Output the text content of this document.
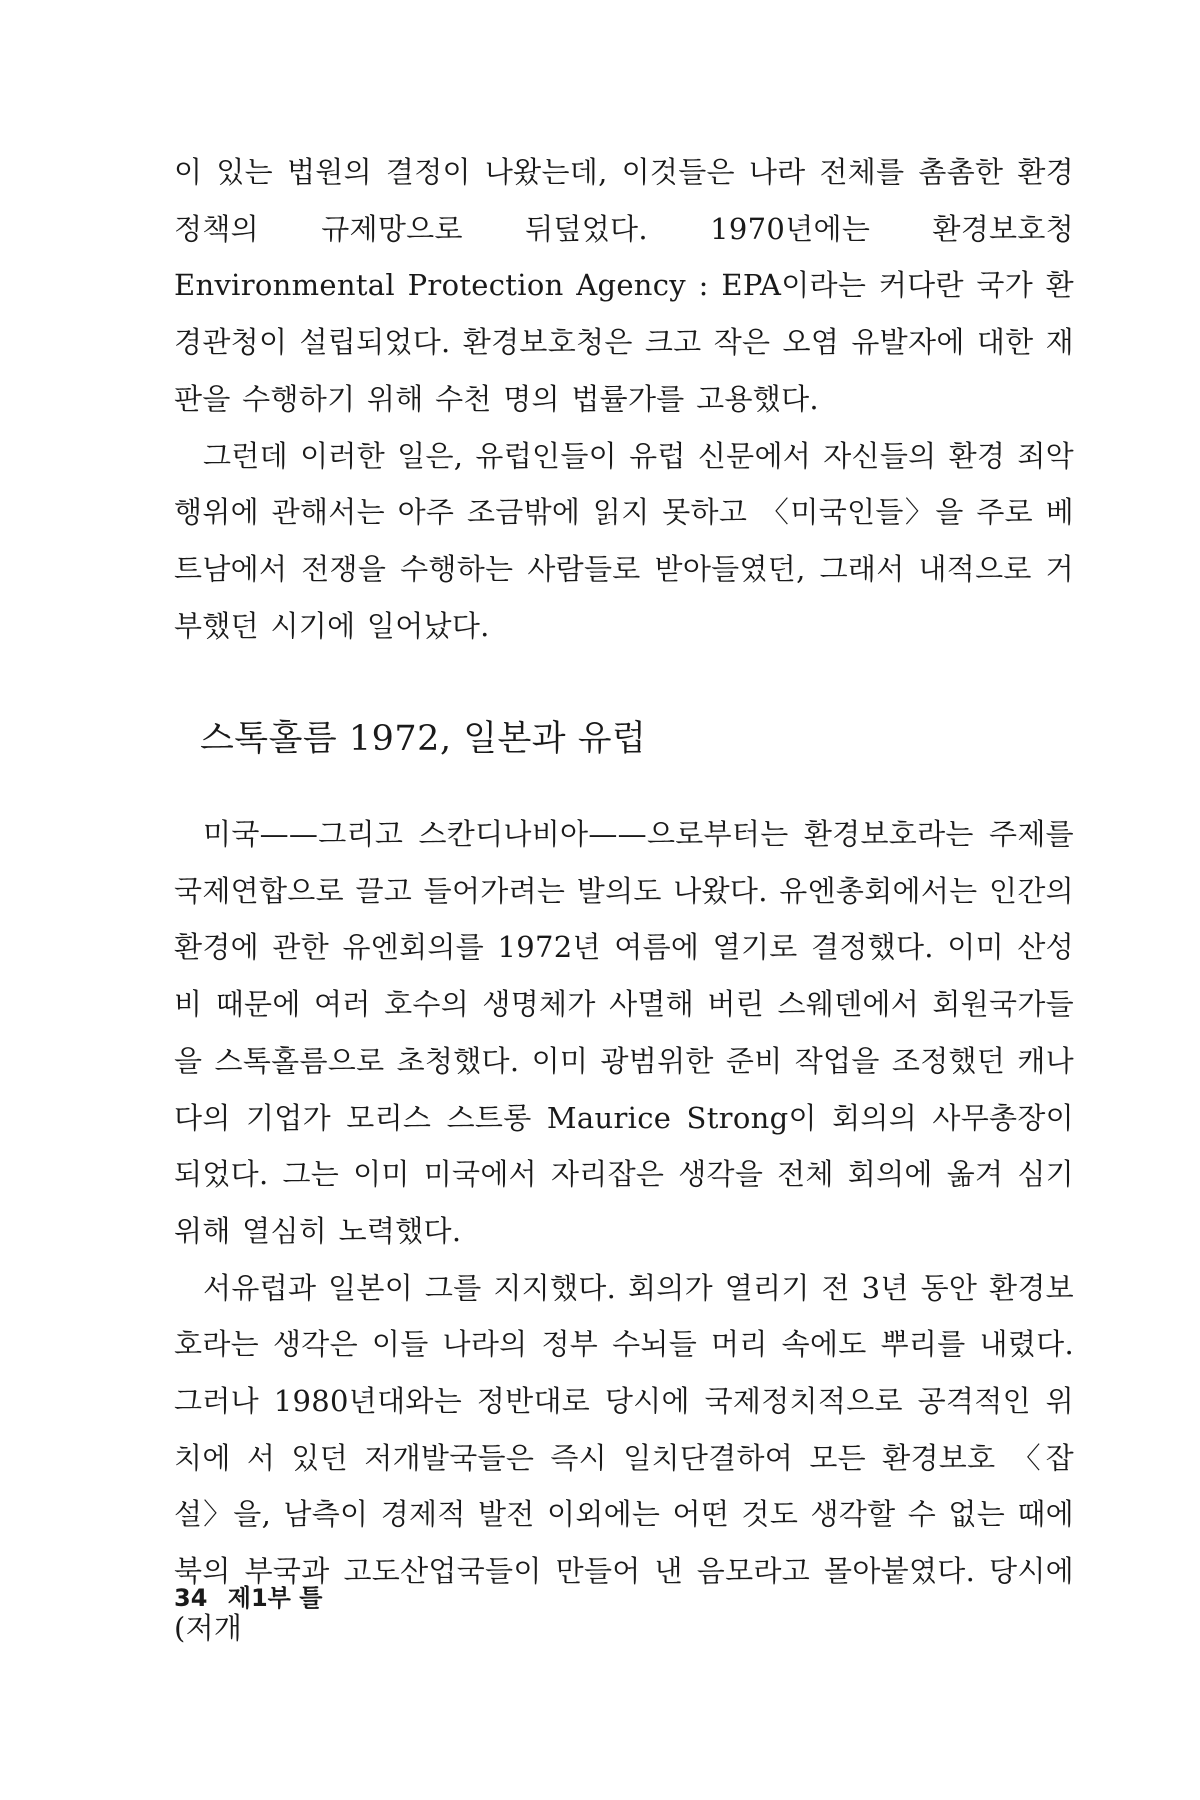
이 있는 법원의 결정이 나왔는데, 이것들은 나라 전체를 촘촘한 환경 정책의 규제망으로 뒤덮었다. 1970년에는 환경보호청 Environmental Protection Agency : EPA이라는 커다란 국가 환경관청이 설립되었다. 환경보호청은 크고 작은 오염 유발자에 대한 재판을 수행하기 위해 수천 명의 법률가를 고용했다.

그런데 이러한 일은, 유럽인들이 유럽 신문에서 자신들의 환경 죄악 행위에 관해서는 아주 조금밖에 읽지 못하고 〈미국인들〉을 주로 베트남에서 전쟁을 수행하는 사람들로 받아들였던, 그래서 내적으로 거부했던 시기에 일어났다.

스톡홀름 1972, 일본과 유럽

미국——그리고 스칸디나비아——으로부터는 환경보호라는 주제를 국제연합으로 끌고 들어가려는 발의도 나왔다. 유엔총회에서는 인간의 환경에 관한 유엔회의를 1972년 여름에 열기로 결정했다. 이미 산성비 때문에 여러 호수의 생명체가 사멸해 버린 스웨덴에서 회원국가들을 스톡홀름으로 초청했다. 이미 광범위한 준비 작업을 조정했던 캐나다의 기업가 모리스 스트롱 Maurice Strong이 회의의 사무총장이 되었다. 그는 이미 미국에서 자리잡은 생각을 전체 회의에 옮겨 심기 위해 열심히 노력했다.

서유럽과 일본이 그를 지지했다. 회의가 열리기 전 3년 동안 환경보호라는 생각은 이들 나라의 정부 수뇌들 머리 속에도 뿌리를 내렸다. 그러나 1980년대와는 정반대로 당시에 국제정치적으로 공격적인 위치에 서 있던 저개발국들은 즉시 일치단결하여 모든 환경보호 〈잡설〉을, 남측이 경제적 발전 이외에는 어떤 것도 생각할 수 없는 때에 북의 부국과 고도산업국들이 만들어 낸 음모라고 몰아붙였다. 당시에 (저개

34 제1부 틀
